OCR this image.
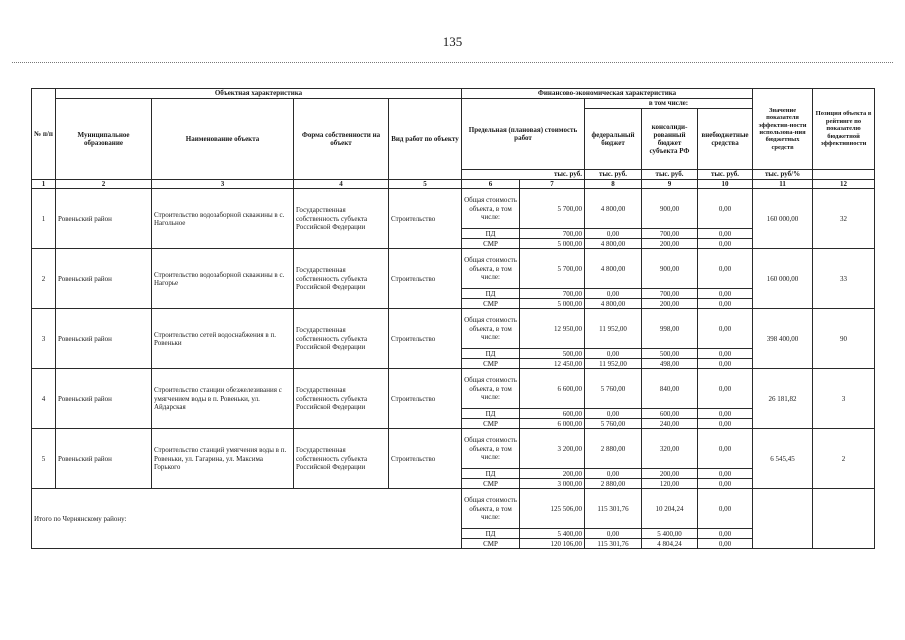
135
№ п/п	Объектная характеристика				Финансово-экономическая характеристика					Значение показателя эффектив-ности использова-ния бюджетных средств	Позиция объекта в рейтинге по показателю бюджетной эффективности
	Муниципальное образование	Наименование объекта	Форма собственности на объект	Вид работ по объекту	Предельная (плановая) стоимость работ		в том числе:				
							федеральный бюджет	консолиди-рованный бюджет субъекта РФ	внебюджетные средства		
					тыс. руб.		тыс. руб.	тыс. руб.	тыс. руб.	тыс. руб/%	
1	2	3	4	5	6	7	8	9	10	11	12
1	Ровеньский район	Строительство водозаборной скважины в с. Нагольное	Государственная собственность субъекта Российской Федерации	Строительство	Общая стоимость объекта, в том числе:	5 700,00	4 800,00	900,00	0,00	160 000,00	32
					ПД	700,00	0,00	700,00	0,00		
					СМР	5 000,00	4 800,00	200,00	0,00		
2	Ровеньский район	Строительство водозаборной скважины в с. Нагорье	Государственная собственность субъекта Российской Федерации	Строительство	Общая стоимость объекта, в том числе:	5 700,00	4 800,00	900,00	0,00	160 000,00	33
					ПД	700,00	0,00	700,00	0,00		
					СМР	5 000,00	4 800,00	200,00	0,00		
3	Ровеньский район	Строительство сетей водоснабжения в п. Ровеньки	Государственная собственность субъекта Российской Федерации	Строительство	Общая стоимость объекта, в том числе:	12 950,00	11 952,00	998,00	0,00	398 400,00	90
					ПД	500,00	0,00	500,00	0,00		
					СМР	12 450,00	11 952,00	498,00	0,00		
4	Ровеньский район	Строительство станции обезжелезивания с умягчением воды в п. Ровеньки, ул. Айдарская	Государственная собственность субъекта Российской Федерации	Строительство	Общая стоимость объекта, в том числе:	6 600,00	5 760,00	840,00	0,00	26 181,82	3
					ПД	600,00	0,00	600,00	0,00		
					СМР	6 000,00	5 760,00	240,00	0,00		
5	Ровеньский район	Строительство станций умягчения воды в п. Ровеньки, ул. Гагарина, ул. Максима Горького	Государственная собственность субъекта Российской Федерации	Строительство	Общая стоимость объекта, в том числе:	3 200,00	2 880,00	320,00	0,00	6 545,45	2
					ПД	200,00	0,00	200,00	0,00		
					СМР	3 000,00	2 880,00	120,00	0,00		
Итого по Чернянскому району:					Общая стоимость объекта, в том числе:	125 506,00	115 301,76	10 204,24	0,00		
					ПД	5 400,00	0,00	5 400,00	0,00		
					СМР	120 106,00	115 301,76	4 804,24	0,00		
